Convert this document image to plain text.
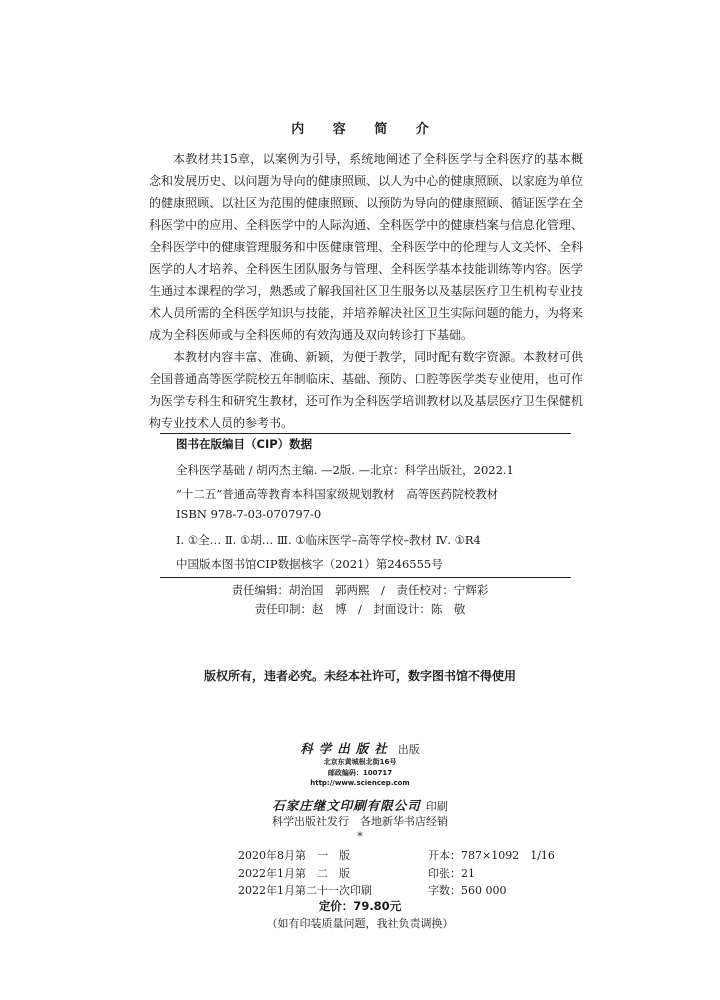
内 容 简 介

本教材共15章，以案例为引导，系统地阐述了全科医学与全科医疗的基本概念和发展历史、以问题为导向的健康照顾、以人为中心的健康照顾、以家庭为单位的健康照顾、以社区为范围的健康照顾、以预防为导向的健康照顾、循证医学在全科医学中的应用、全科医学中的人际沟通、全科医学中的健康档案与信息化管理、全科医学中的健康管理服务和中医健康管理、全科医学中的伦理与人文关怀、全科医学的人才培养、全科医生团队服务与管理、全科医学基本技能训练等内容。医学生通过本课程的学习，熟悉或了解我国社区卫生服务以及基层医疗卫生机构专业技术人员所需的全科医学知识与技能，并培养解决社区卫生实际问题的能力，为将来成为全科医师或与全科医师的有效沟通及双向转诊打下基础。

本教材内容丰富、准确、新颖，为便于教学，同时配有数字资源。本教材可供全国普通高等医学院校五年制临床、基础、预防、口腔等医学类专业使用，也可作为医学专科生和研究生教材，还可作为全科医学培训教材以及基层医疗卫生保健机构专业技术人员的参考书。

图书在版编目（CIP）数据
全科医学基础 / 胡丙杰主编. —2版. —北京：科学出版社，2022.1
“十二五”普通高等教育本科国家级规划教材　高等医药院校教材
ISBN 978-7-03-070797-0
Ⅰ. ①全… Ⅱ. ①胡… Ⅲ. ①临床医学–高等学校–教材 Ⅳ. ①R4
中国版本图书馆CIP数据核字（2021）第246555号
责任编辑：胡治国　郭两熙　/　责任校对：宁辉彩
责任印制：赵　博　/　封面设计：陈　敬
版权所有，违者必究。未经本社许可，数字图书馆不得使用
科学出版社 出版
北京东黄城根北街16号
邮政编码：100717
http://www.sciencep.com
石家庄继文印刷有限公司 印刷
科学出版社发行　各地新华书店经销
*
2020年8月第　一　版	开本：787×1092　1/16
2022年1月第　二　版	印张：21
2022年1月第二十一次印刷	字数：560 000
定价：79.80元
（如有印装质量问题，我社负责调换）
